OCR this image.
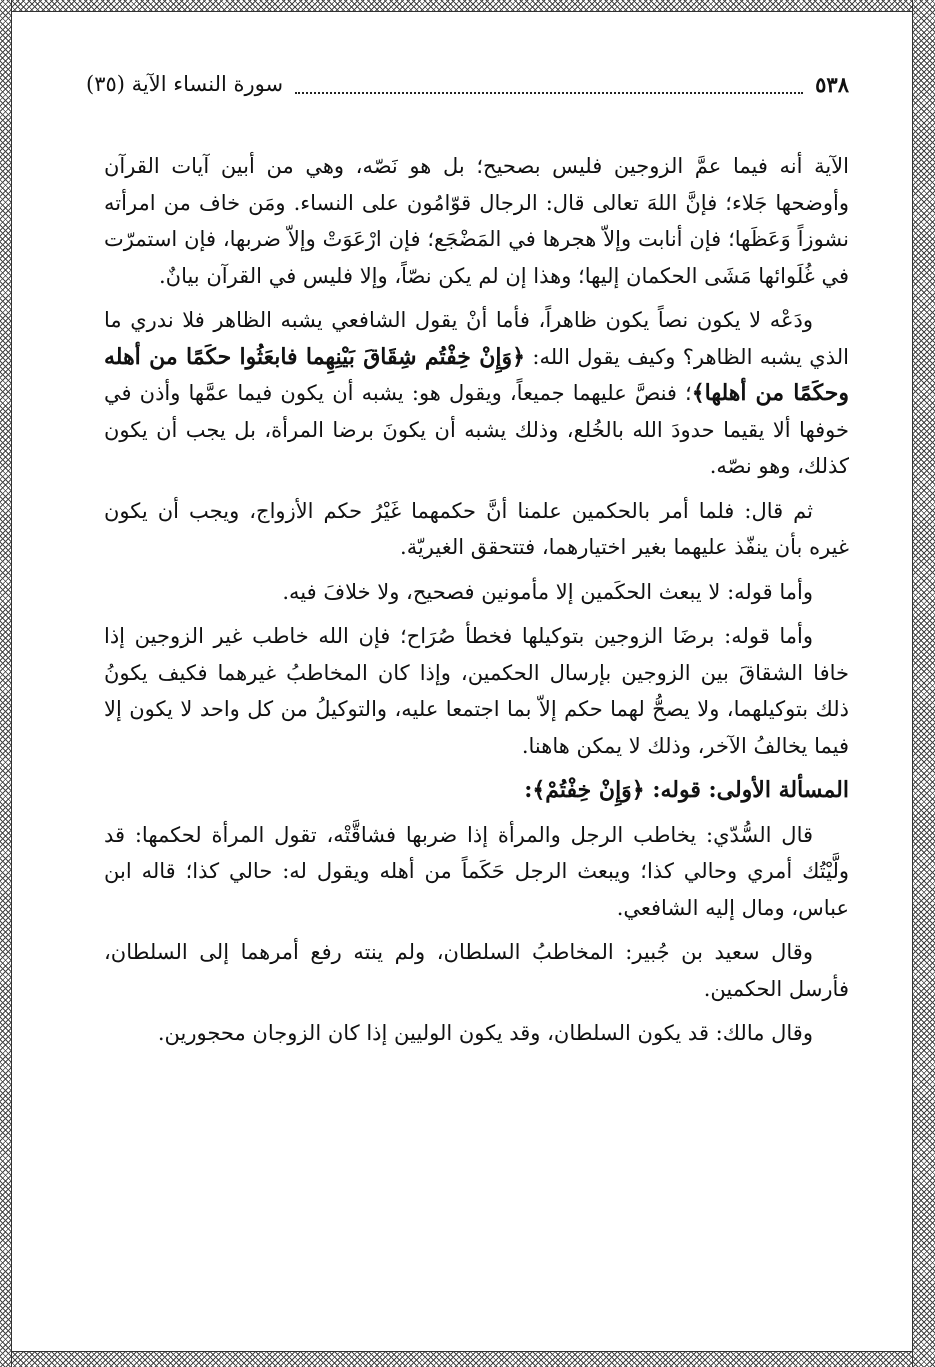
٥٣٨
سورة النساء الآية (٣٥)

الآية أنه فيما عمَّ الزوجين فليس بصحيح؛ بل هو نَصّه، وهي من أبين آيات القرآن وأوضحها جَلاء؛ فإنَّ اللهَ تعالى قال: الرجال قوّامُون على النساء. ومَن خاف من امرأته نشوزاً وَعَظَها؛ فإن أنابت وإلاّ هجرها في المَضْجَع؛ فإن ارْعَوَتْ وإلاّ ضربها، فإن استمرّت في غُلَوائها مَشَى الحكمان إليها؛ وهذا إن لم يكن نصّاً، وإلا فليس في القرآن بيانٌ.

ودَعْه لا يكون نصاً يكون ظاهراً، فأما أنْ يقول الشافعي يشبه الظاهر فلا ندري ما الذي يشبه الظاهر؟ وكيف يقول الله: ﴿وَإِنْ خِفْتُم شِقَاقَ بَيْنِهِما فابعَثُوا حكَمًا من أهله وحكَمًا من أهلها﴾؛ فنصَّ عليهما جميعاً، ويقول هو: يشبه أن يكون فيما عمَّها وأذن في خوفها ألا يقيما حدودَ الله بالخُلع، وذلك يشبه أن يكونَ برضا المرأة، بل يجب أن يكون كذلك، وهو نصّه.

ثم قال: فلما أمر بالحكمين علمنا أنَّ حكمهما غَيْرُ حكم الأزواج، ويجب أن يكون غيره بأن ينفّذ عليهما بغير اختيارهما، فتتحقق الغيريّة.

وأما قوله: لا يبعث الحكَمين إلا مأمونين فصحيح، ولا خلافَ فيه.

وأما قوله: برضَا الزوجين بتوكيلها فخطأ صُرَاح؛ فإن الله خاطب غير الزوجين إذا خافا الشقاقَ بين الزوجين بإرسال الحكمين، وإذا كان المخاطبُ غيرهما فكيف يكونُ ذلك بتوكيلهما، ولا يصحُّ لهما حكم إلاّ بما اجتمعا عليه، والتوكيلُ من كل واحد لا يكون إلا فيما يخالفُ الآخر، وذلك لا يمكن هاهنا.

المسألة الأولى: قوله: ﴿وَإِنْ خِفْتُمْ﴾:

قال السُّدّي: يخاطب الرجل والمرأة إذا ضربها فشاقَّتْه، تقول المرأة لحكمها: قد ولَّيْتُك أمري وحالي كذا؛ ويبعث الرجل حَكَماً من أهله ويقول له: حالي كذا؛ قاله ابن عباس، ومال إليه الشافعي.

وقال سعيد بن جُبير: المخاطبُ السلطان، ولم ينته رفع أمرهما إلى السلطان، فأرسل الحكمين.

وقال مالك: قد يكون السلطان، وقد يكون الوليين إذا كان الزوجان محجورين.
